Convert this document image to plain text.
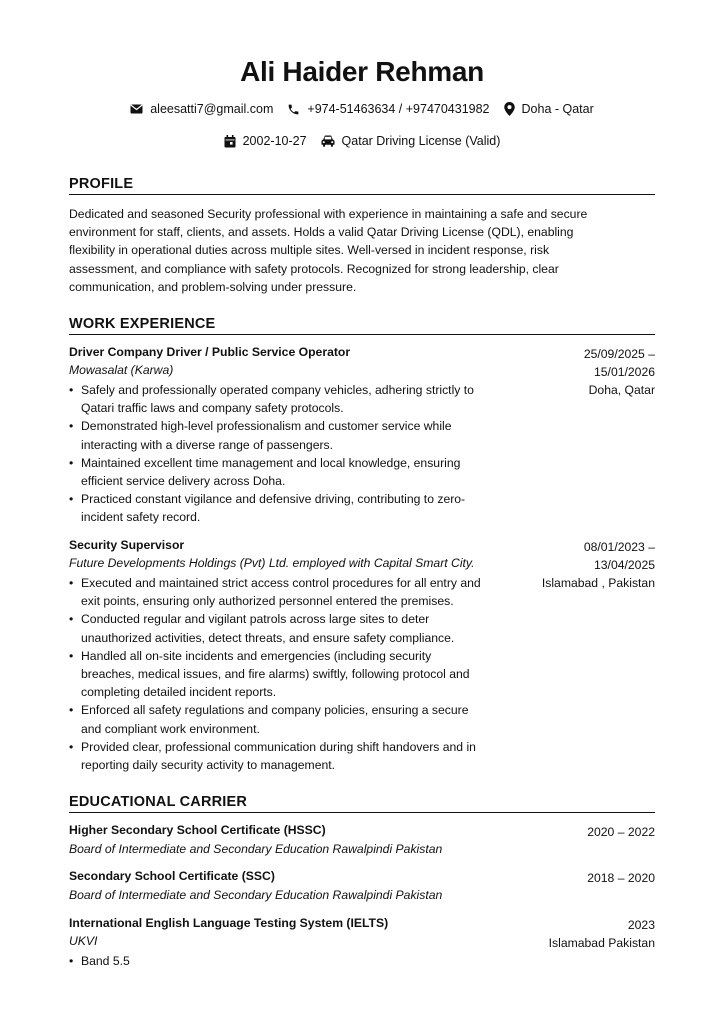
Ali Haider Rehman
aleesatti7@gmail.com	+974-51463634 / +97470431982	Doha - Qatar
2002-10-27	Qatar Driving License (Valid)
PROFILE
Dedicated and seasoned Security professional with experience in maintaining a safe and secure
environment for staff, clients, and assets. Holds a valid Qatar Driving License (QDL), enabling
flexibility in operational duties across multiple sites. Well-versed in incident response, risk
assessment, and compliance with safety protocols. Recognized for strong leadership, clear
communication, and problem-solving under pressure.
WORK EXPERIENCE
Driver Company Driver / Public Service Operator
Mowasalat (Karwa)
25/09/2025 –
15/01/2026
Doha, Qatar
• Safely and professionally operated company vehicles, adhering strictly to
Qatari traffic laws and company safety protocols.
• Demonstrated high-level professionalism and customer service while
interacting with a diverse range of passengers.
• Maintained excellent time management and local knowledge, ensuring
efficient service delivery across Doha.
• Practiced constant vigilance and defensive driving, contributing to zero-
incident safety record.
Security Supervisor
Future Developments Holdings (Pvt) Ltd. employed with Capital Smart City.
08/01/2023 –
13/04/2025
Islamabad , Pakistan
• Executed and maintained strict access control procedures for all entry and
exit points, ensuring only authorized personnel entered the premises.
• Conducted regular and vigilant patrols across large sites to deter
unauthorized activities, detect threats, and ensure safety compliance.
• Handled all on-site incidents and emergencies (including security
breaches, medical issues, and fire alarms) swiftly, following protocol and
completing detailed incident reports.
• Enforced all safety regulations and company policies, ensuring a secure
and compliant work environment.
• Provided clear, professional communication during shift handovers and in
reporting daily security activity to management.
EDUCATIONAL CARRIER
Higher Secondary School Certificate (HSSC)
Board of Intermediate and Secondary Education Rawalpindi Pakistan
2020 – 2022
Secondary School Certificate (SSC)
Board of Intermediate and Secondary Education Rawalpindi Pakistan
2018 – 2020
International English Language Testing System (IELTS)
UKVI
2023
Islamabad Pakistan
• Band 5.5
